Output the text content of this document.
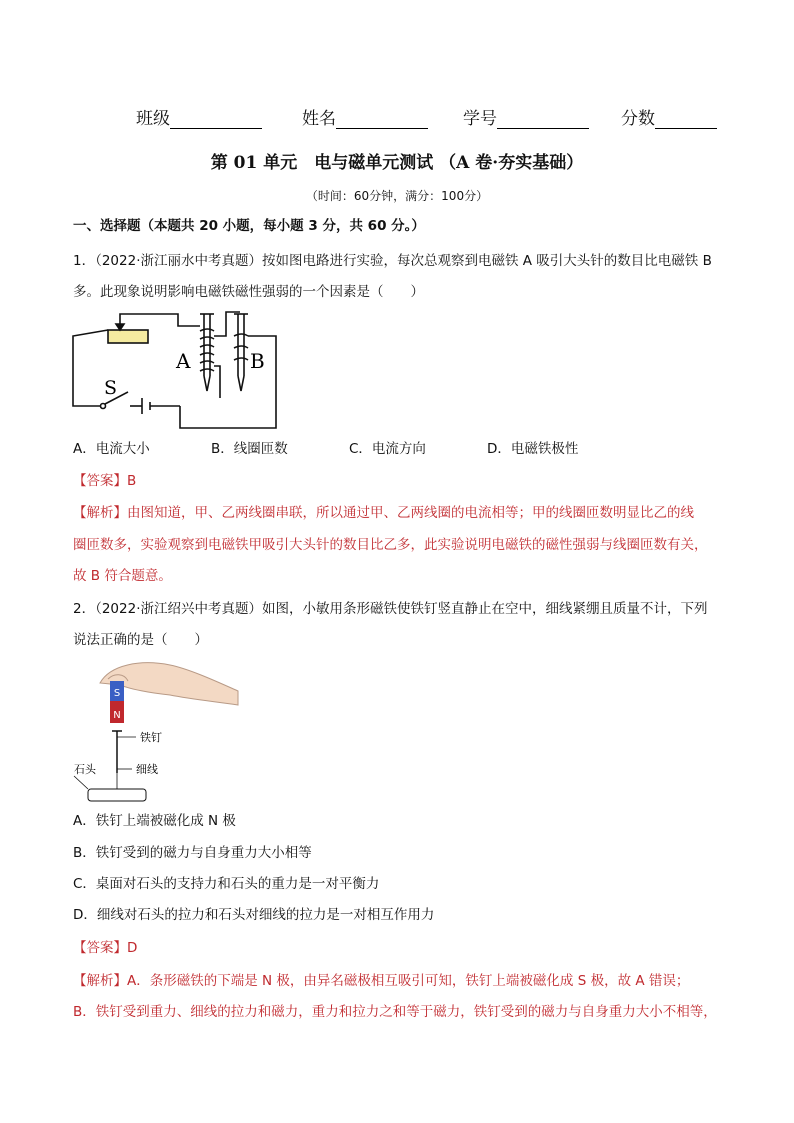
班级	姓名	学号	分数
第 01 单元　电与磁单元测试 （A 卷·夯实基础）
（时间：60分钟，满分：100分）
一、选择题（本题共 20 小题，每小题 3 分，共 60 分。）
1．（2022·浙江丽水中考真题）按如图电路进行实验，每次总观察到电磁铁 A 吸引大头针的数目比电磁铁 B
多。此现象说明影响电磁铁磁性强弱的一个因素是（　　）
A	B
S
A．电流大小	B．线圈匝数	C．电流方向	D．电磁铁极性
【答案】B
【解析】由图知道，甲、乙两线圈串联，所以通过甲、乙两线圈的电流相等；甲的线圈匝数明显比乙的线
圈匝数多，实验观察到电磁铁甲吸引大头针的数目比乙多，此实验说明电磁铁的磁性强弱与线圈匝数有关，
故 B 符合题意。
2．（2022·浙江绍兴中考真题）如图，小敏用条形磁铁使铁钉竖直静止在空中，细线紧绷且质量不计，下列
说法正确的是（　　）
S
N
铁钉
细线
石头
A．铁钉上端被磁化成 N 极
B．铁钉受到的磁力与自身重力大小相等
C．桌面对石头的支持力和石头的重力是一对平衡力
D．细线对石头的拉力和石头对细线的拉力是一对相互作用力
【答案】D
【解析】A．条形磁铁的下端是 N 极，由异名磁极相互吸引可知，铁钉上端被磁化成 S 极，故 A 错误；
B．铁钉受到重力、细线的拉力和磁力，重力和拉力之和等于磁力，铁钉受到的磁力与自身重力大小不相等，
